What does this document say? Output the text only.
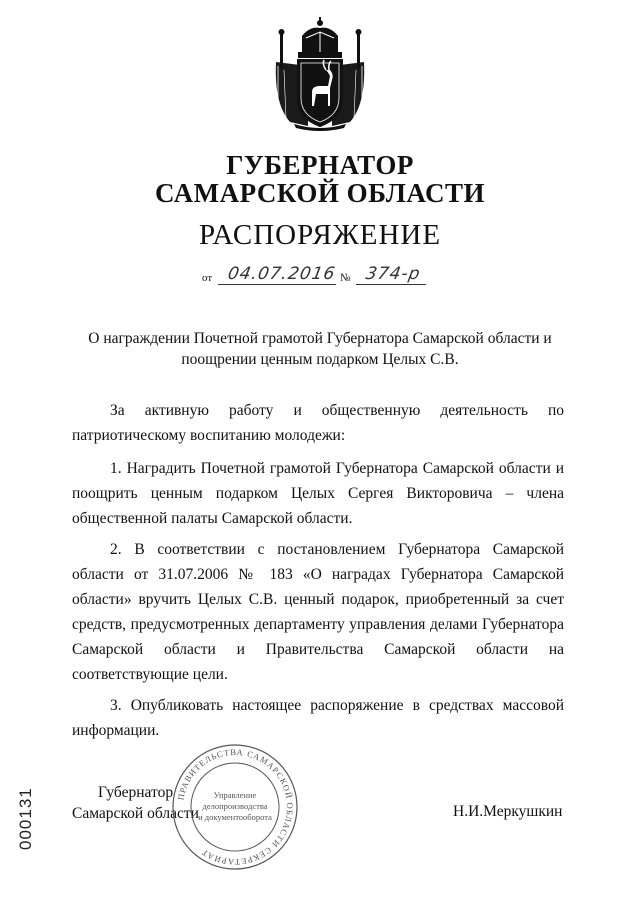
ГУБЕРНАТОР
САМАРСКОЙ ОБЛАСТИ
РАСПОРЯЖЕНИЕ
от 04.07.2016 № 374-р
О награждении Почетной грамотой Губернатора Самарской области и
поощрении ценным подарком Целых С.В.

За активную работу и общественную деятельность по патриотическому воспитанию молодежи:

1. Наградить Почетной грамотой Губернатора Самарской области и поощрить ценным подарком Целых Сергея Викторовича – члена общественной палаты Самарской области.

2. В соответствии с постановлением Губернатора Самарской области от 31.07.2006 № 183 «О наградах Губернатора Самарской области» вручить Целых С.В. ценный подарок, приобретенный за счет средств, предусмотренных департаменту управления делами Губернатора Самарской области и Правительства Самарской области на соответствующие цели.

3. Опубликовать настоящее распоряжение в средствах массовой информации.

Губернатор
Самарской области	Н.И.Меркушкин
ПРАВИТЕЛЬСТВА САМАРСКОЙ ОБЛАСТИ СЕКРЕТАРИАТ
Управление
делопроизводства
и документооборота
000131
